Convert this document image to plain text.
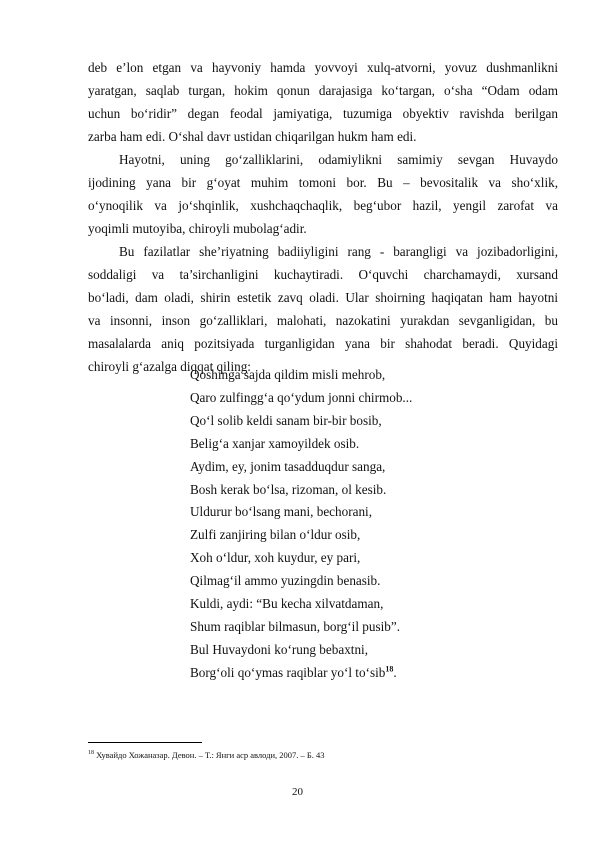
deb e’lon etgan va hayvoniy hamda yovvoyi xulq-atvorni, yovuz dushmanlikni
yaratgan, saqlab turgan, hokim qonun darajasiga ko‘targan, o‘sha “Odam odam
uchun bo‘ridir” degan feodal jamiyatiga, tuzumiga obyektiv ravishda berilgan
zarba ham edi. O‘shal davr ustidan chiqarilgan hukm ham edi.

Hayotni, uning go‘zalliklarini, odamiylikni samimiy sevgan Huvaydo
ijodining yana bir g‘oyat muhim tomoni bor. Bu – bevositalik va sho‘xlik,
o‘ynoqilik va jo‘shqinlik, xushchaqchaqlik, beg‘ubor hazil, yengil zarofat va
yoqimli mutoyiba, chiroyli mubolag‘adir.

Bu fazilatlar she’riyatning badiiyligini rang - barangligi va jozibadorligini,
soddaligi va ta’sirchanligini kuchaytiradi. O‘quvchi charchamaydi, xursand
bo‘ladi, dam oladi, shirin estetik zavq oladi. Ular shoirning haqiqatan ham hayotni
va insonni, inson go‘zalliklari, malohati, nazokatini yurakdan sevganligidan, bu
masalalarda aniq pozitsiyada turganligidan yana bir shahodat beradi. Quyidagi
chiroyli g‘azalga diqqat qiling:

Qoshinga sajda qildim misli mehrob,
Qaro zulfingg‘a qo‘ydum jonni chirmob...
Qo‘l solib keldi sanam bir-bir bosib,
Belig‘a xanjar xamoyildek osib.
Aydim, ey, jonim tasadduqdur sanga,
Bosh kerak bo‘lsa, rizoman, ol kesib.
Uldurur bo‘lsang mani, bechorani,
Zulfi zanjiring bilan o‘ldur osib,
Xoh o‘ldur, xoh kuydur, ey pari,
Qilmag‘il ammo yuzingdin benasib.
Kuldi, aydi: “Bu kecha xilvatdaman,
Shum raqiblar bilmasun, borg‘il pusib”.
Bul Huvaydoni ko‘rung bebaxtni,
Borg‘oli qo‘ymas raqiblar yo‘l to‘sib$^{18}$.
$^{18}$ Хувайдо Хожаназар. Девон. – Т.: Янги аср авлоди, 2007. – Б. 43
20
